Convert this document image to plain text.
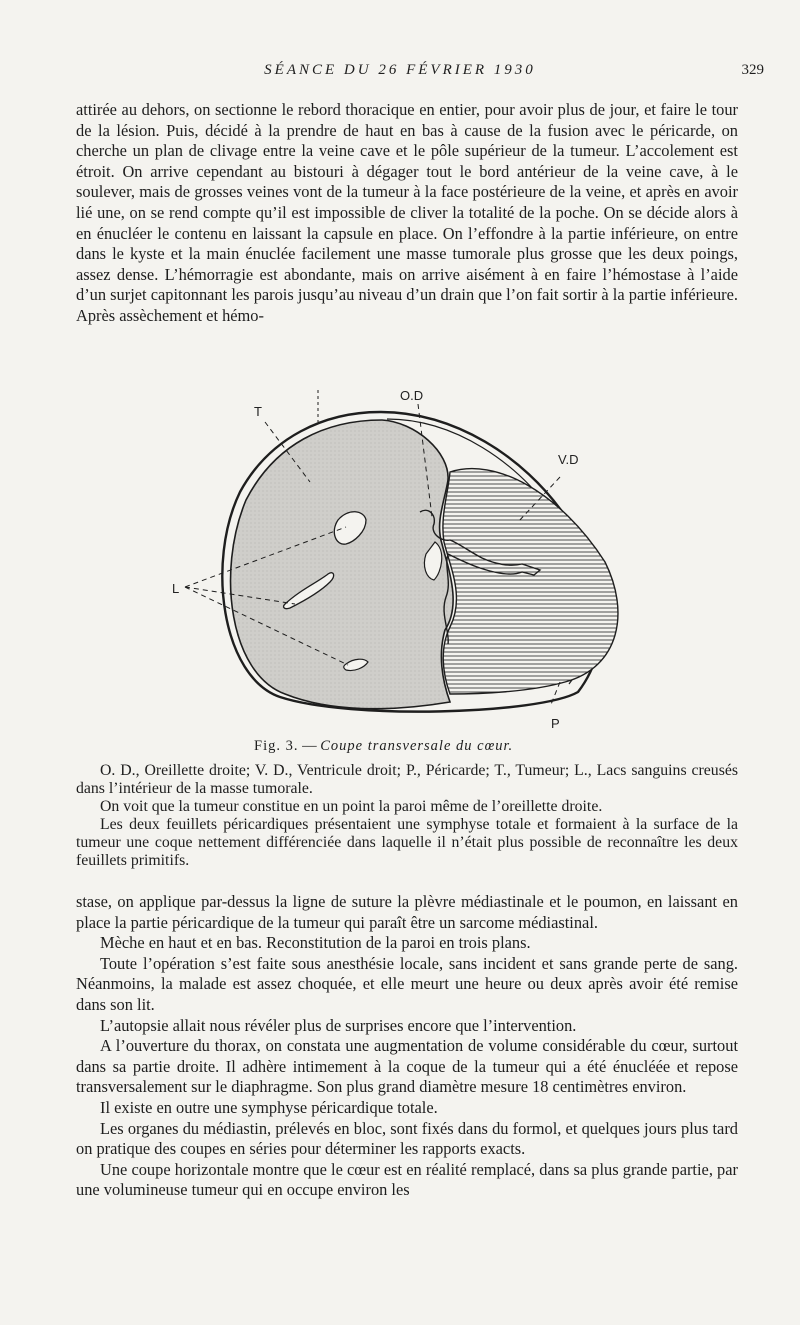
SÉANCE DU 26 FÉVRIER 1930	329

attirée au dehors, on sectionne le rebord thoracique en entier, pour avoir plus de jour, et faire le tour de la lésion. Puis, décidé à la prendre de haut en bas à cause de la fusion avec le péricarde, on cherche un plan de clivage entre la veine cave et le pôle supérieur de la tumeur. L’accolement est étroit. On arrive cependant au bistouri à dégager tout le bord antérieur de la veine cave, à le soulever, mais de grosses veines vont de la tumeur à la face postérieure de la veine, et après en avoir lié une, on se rend compte qu’il est impossible de cliver la totalité de la poche. On se décide alors à en énucléer le contenu en laissant la capsule en place. On l’effondre à la partie inférieure, on entre dans le kyste et la main énuclée facilement une masse tumorale plus grosse que les deux poings, assez dense. L’hémorragie est abondante, mais on arrive aisément à en faire l’hémostase à l’aide d’un surjet capitonnant les parois jusqu’au niveau d’un drain que l’on fait sortir à la partie inférieure. Après assèchement et hémo-

O.D
T
V.D
L
P
Fig. 3. — Coupe transversale du cœur.

O. D., Oreillette droite; V. D., Ventricule droit; P., Péricarde; T., Tumeur; L., Lacs sanguins creusés dans l’intérieur de la masse tumorale.

On voit que la tumeur constitue en un point la paroi même de l’oreillette droite.

Les deux feuillets péricardiques présentaient une symphyse totale et formaient à la surface de la tumeur une coque nettement différenciée dans laquelle il n’était plus possible de reconnaître les deux feuillets primitifs.

stase, on applique par-dessus la ligne de suture la plèvre médiastinale et le poumon, en laissant en place la partie péricardique de la tumeur qui paraît être un sarcome médiastinal.

Mèche en haut et en bas. Reconstitution de la paroi en trois plans.

Toute l’opération s’est faite sous anesthésie locale, sans incident et sans grande perte de sang. Néanmoins, la malade est assez choquée, et elle meurt une heure ou deux après avoir été remise dans son lit.

L’autopsie allait nous révéler plus de surprises encore que l’intervention.

A l’ouverture du thorax, on constata une augmentation de volume considérable du cœur, surtout dans sa partie droite. Il adhère intimement à la coque de la tumeur qui a été énucléée et repose transversalement sur le diaphragme. Son plus grand diamètre mesure 18 centimètres environ.

Il existe en outre une symphyse péricardique totale.

Les organes du médiastin, prélevés en bloc, sont fixés dans du formol, et quelques jours plus tard on pratique des coupes en séries pour déterminer les rapports exacts.

Une coupe horizontale montre que le cœur est en réalité remplacé, dans sa plus grande partie, par une volumineuse tumeur qui en occupe environ les
